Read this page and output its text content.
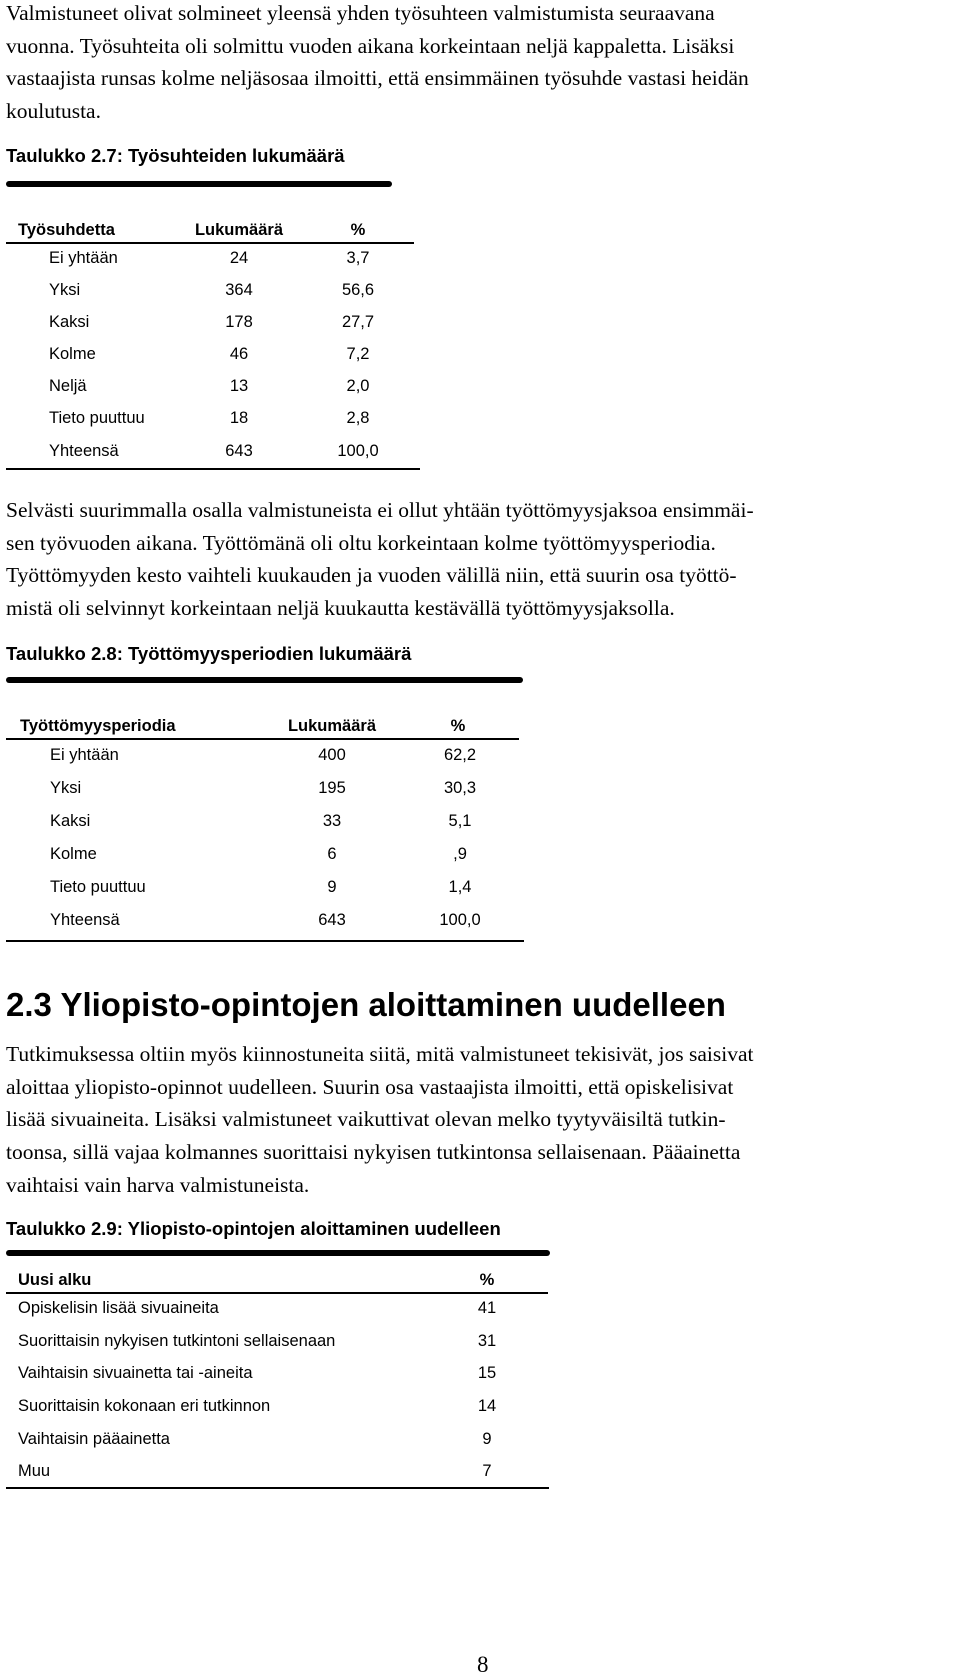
Valmistuneet olivat solmineet yleensä yhden työsuhteen valmistumista seuraavana
vuonna. Työsuhteita oli solmittu vuoden aikana korkeintaan neljä kappaletta. Lisäksi
vastaajista runsas kolme neljäsosaa ilmoitti, että ensimmäinen työsuhde vastasi heidän
koulutusta.
Taulukko 2.7: Työsuhteiden lukumäärä
Työsuhdetta	Lukumäärä	%
Ei yhtään	24	3,7
Yksi	364	56,6
Kaksi	178	27,7
Kolme	46	7,2
Neljä	13	2,0
Tieto puuttuu	18	2,8
Yhteensä	643	100,0
Selvästi suurimmalla osalla valmistuneista ei ollut yhtään työttömyysjaksoa ensimmäi-
sen työvuoden aikana. Työttömänä oli oltu korkeintaan kolme työttömyysperiodia.
Työttömyyden kesto vaihteli kuukauden ja vuoden välillä niin, että suurin osa työttö-
mistä oli selvinnyt korkeintaan neljä kuukautta kestävällä työttömyysjaksolla.
Taulukko 2.8: Työttömyysperiodien lukumäärä
Työttömyysperiodia	Lukumäärä	%
Ei yhtään	400	62,2
Yksi	195	30,3
Kaksi	33	5,1
Kolme	6	,9
Tieto puuttuu	9	1,4
Yhteensä	643	100,0
2.3 Yliopisto-opintojen aloittaminen uudelleen
Tutkimuksessa oltiin myös kiinnostuneita siitä, mitä valmistuneet tekisivät, jos saisivat
aloittaa yliopisto-opinnot uudelleen. Suurin osa vastaajista ilmoitti, että opiskelisivat
lisää sivuaineita. Lisäksi valmistuneet vaikuttivat olevan melko tyytyväisiltä tutkin-
toonsa, sillä vajaa kolmannes suorittaisi nykyisen tutkintonsa sellaisenaan. Pääainetta
vaihtaisi vain harva valmistuneista.
Taulukko 2.9: Yliopisto-opintojen aloittaminen uudelleen
Uusi alku	%
Opiskelisin lisää sivuaineita	41
Suorittaisin nykyisen tutkintoni sellaisenaan	31
Vaihtaisin sivuainetta tai -aineita	15
Suorittaisin kokonaan eri tutkinnon	14
Vaihtaisin pääainetta	9
Muu	7
8
